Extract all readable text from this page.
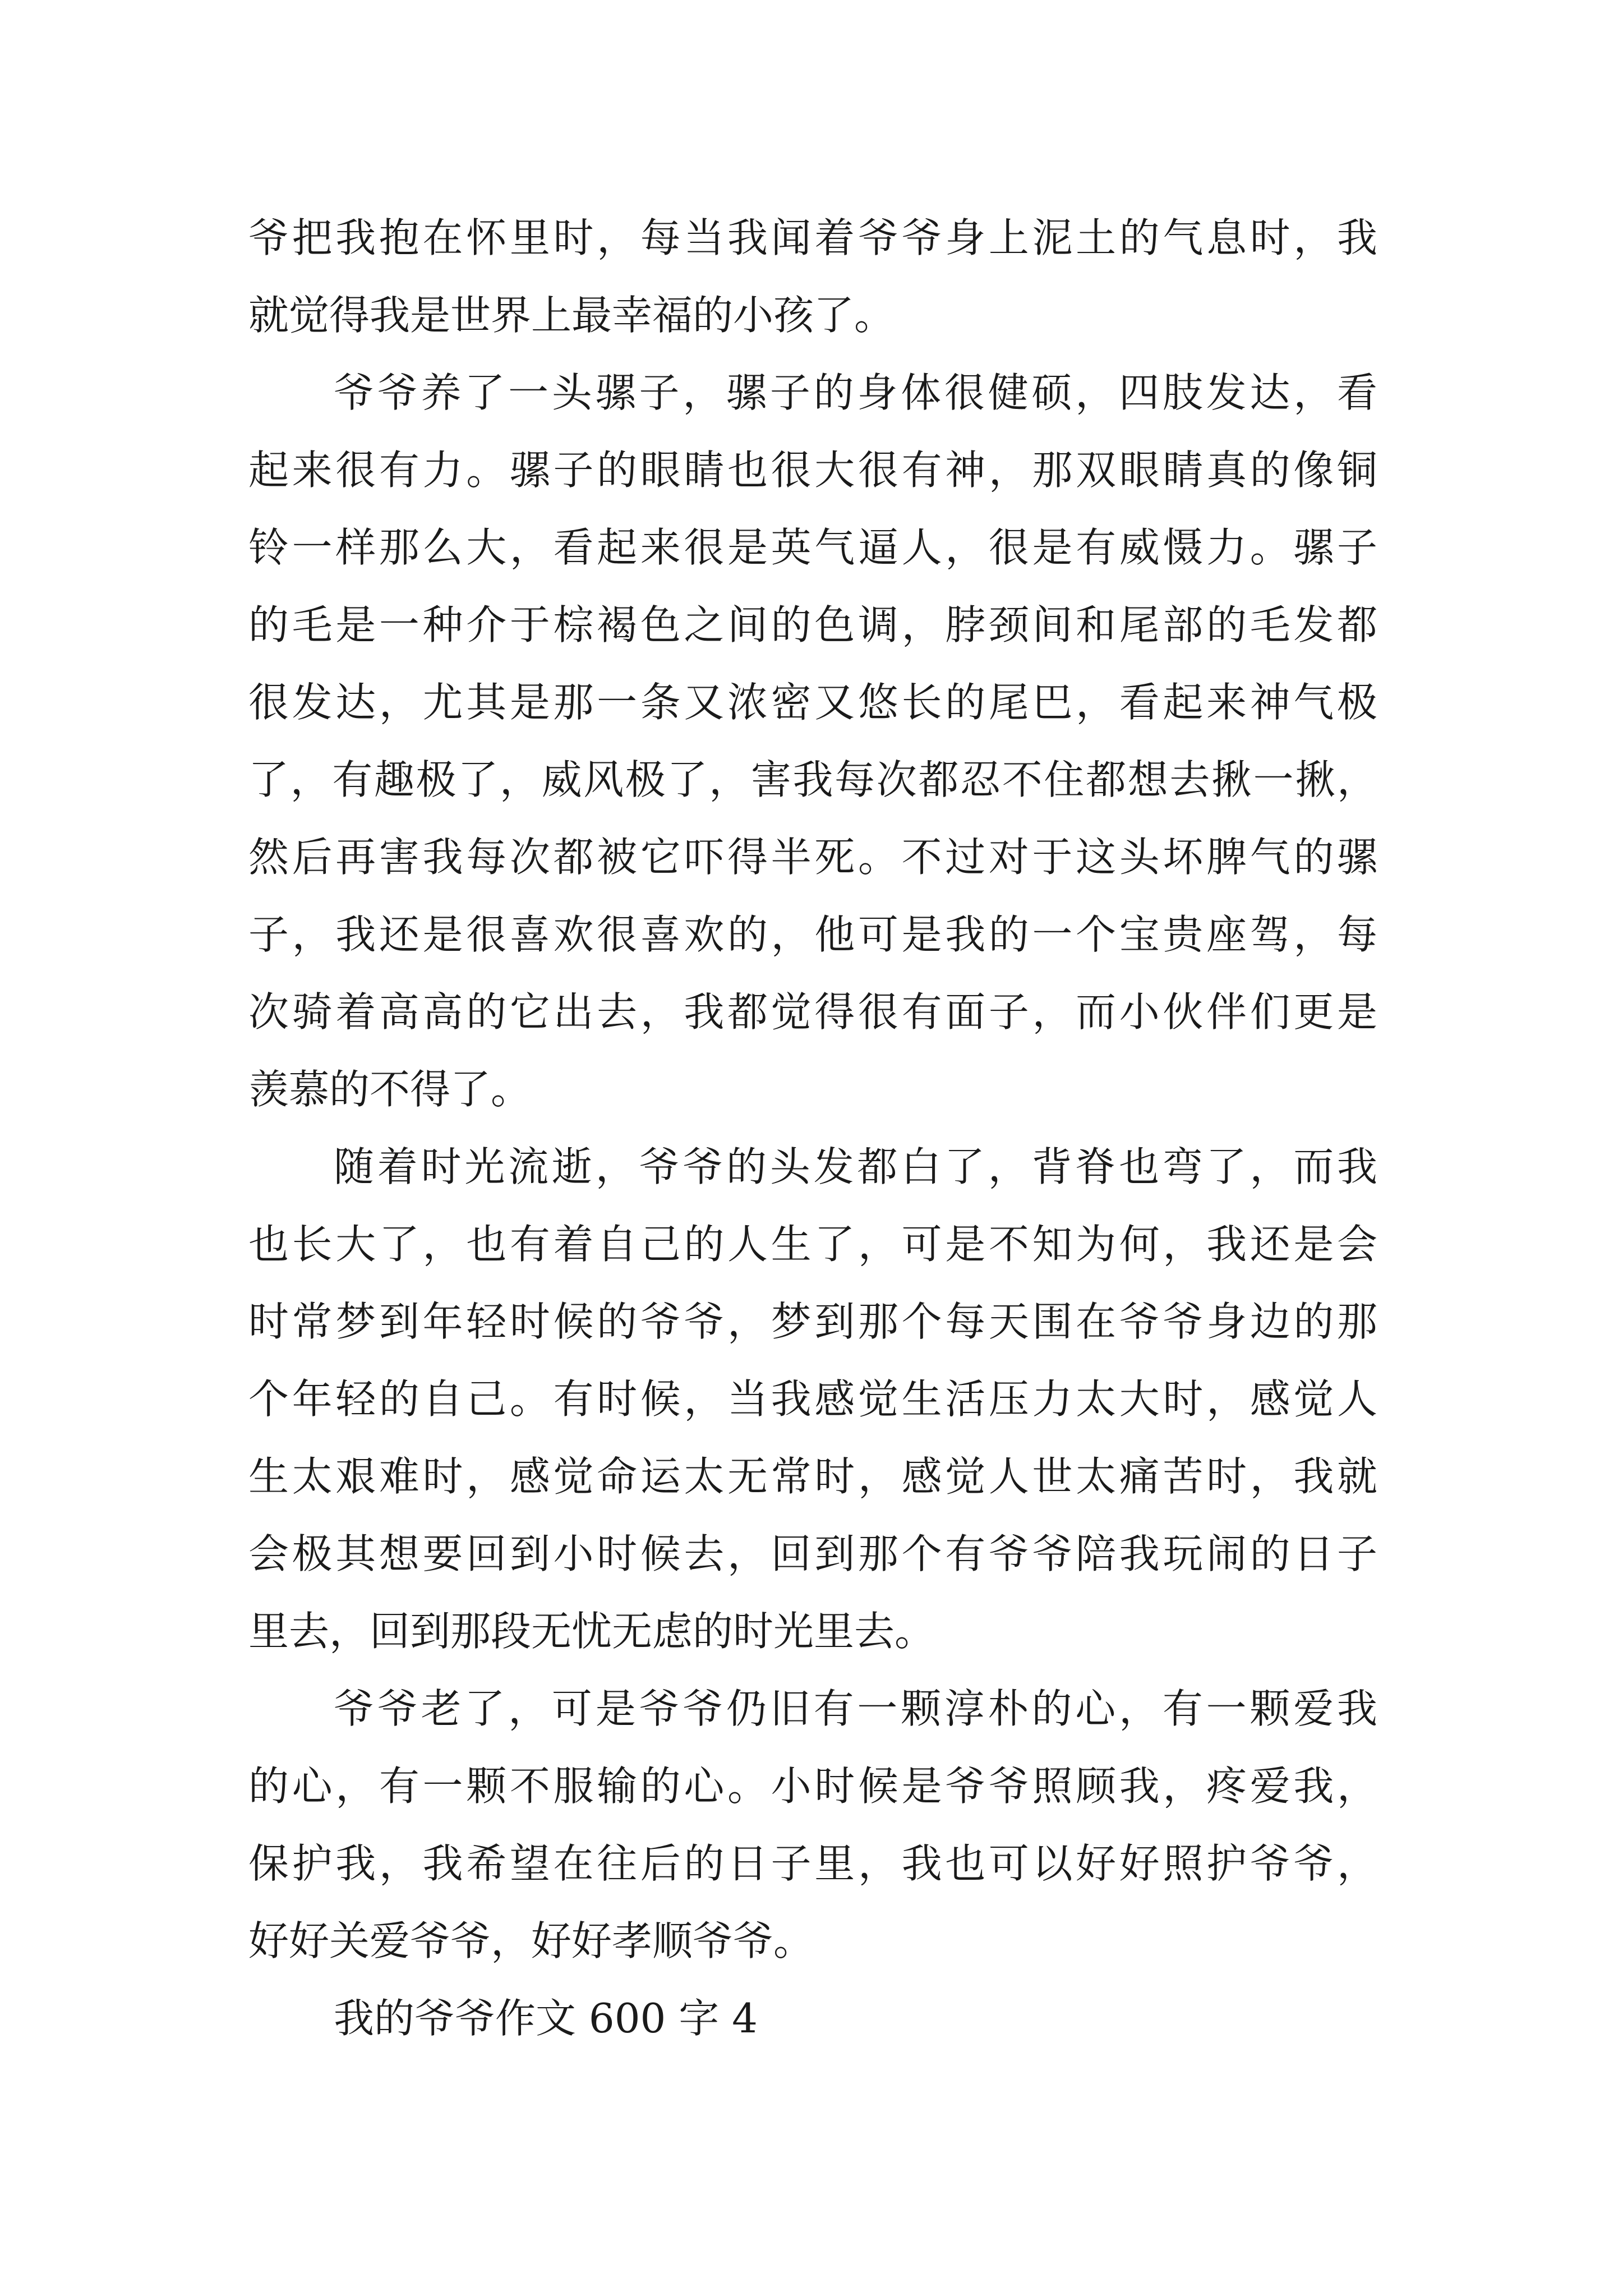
爷把我抱在怀里时，每当我闻着爷爷身上泥土的气息时，我
就觉得我是世界上最幸福的小孩了。
爷爷养了一头骡子，骡子的身体很健硕，四肢发达，看
起来很有力。骡子的眼睛也很大很有神，那双眼睛真的像铜
铃一样那么大，看起来很是英气逼人，很是有威慑力。骡子
的毛是一种介于棕褐色之间的色调，脖颈间和尾部的毛发都
很发达，尤其是那一条又浓密又悠长的尾巴，看起来神气极
了，有趣极了，威风极了，害我每次都忍不住都想去揪一揪，
然后再害我每次都被它吓得半死。不过对于这头坏脾气的骡
子，我还是很喜欢很喜欢的，他可是我的一个宝贵座驾，每
次骑着高高的它出去，我都觉得很有面子，而小伙伴们更是
羡慕的不得了。
随着时光流逝，爷爷的头发都白了，背脊也弯了，而我
也长大了，也有着自己的人生了，可是不知为何，我还是会
时常梦到年轻时候的爷爷，梦到那个每天围在爷爷身边的那
个年轻的自己。有时候，当我感觉生活压力太大时，感觉人
生太艰难时，感觉命运太无常时，感觉人世太痛苦时，我就
会极其想要回到小时候去，回到那个有爷爷陪我玩闹的日子
里去，回到那段无忧无虑的时光里去。
爷爷老了，可是爷爷仍旧有一颗淳朴的心，有一颗爱我
的心，有一颗不服输的心。小时候是爷爷照顾我，疼爱我，
保护我，我希望在往后的日子里，我也可以好好照护爷爷，
好好关爱爷爷，好好孝顺爷爷。
我的爷爷作文 600 字 4
